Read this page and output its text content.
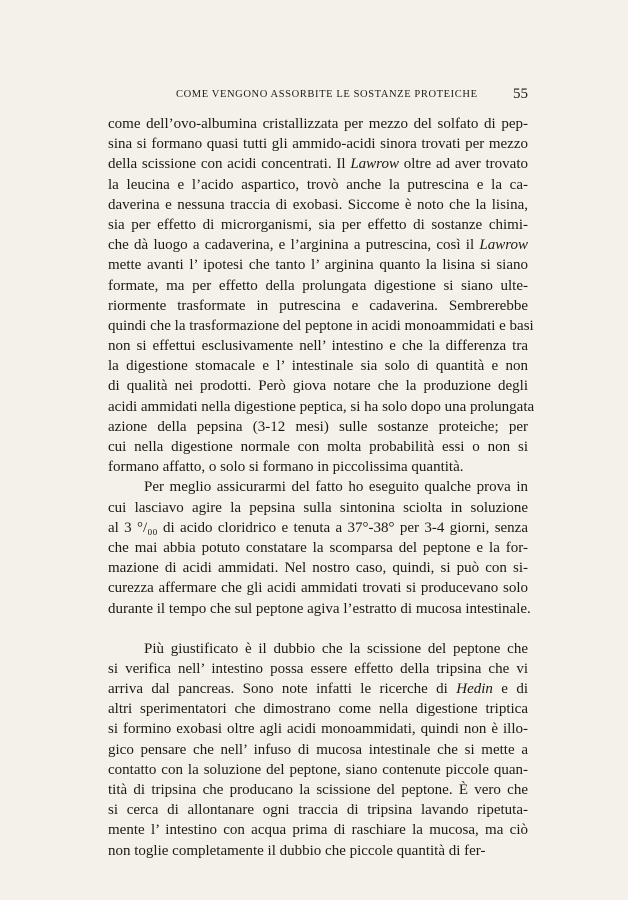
COME VENGONO ASSORBITE LE SOSTANZE PROTEICHE 55
come dell’ovo-albumina cristallizzata per mezzo del solfato di pep-
sina si formano quasi tutti gli ammido-acidi sinora trovati per mezzo
della scissione con acidi concentrati. Il Lawrow oltre ad aver trovato
la leucina e l’acido aspartico, trovò anche la putrescina e la ca-
daverina e nessuna traccia di exobasi. Siccome è noto che la lisina,
sia per effetto di microrganismi, sia per effetto di sostanze chimi-
che dà luogo a cadaverina, e l’arginina a putrescina, così il Lawrow
mette avanti l’ ipotesi che tanto l’ arginina quanto la lisina si siano
formate, ma per effetto della prolungata digestione si siano ulte-
riormente trasformate in putrescina e cadaverina. Sembrerebbe
quindi che la trasformazione del peptone in acidi monoammidati e basi
non si effettui esclusivamente nell’ intestino e che la differenza tra
la digestione stomacale e l’ intestinale sia solo di quantità e non
di qualità nei prodotti. Però giova notare che la produzione degli
acidi ammidati nella digestione peptica, si ha solo dopo una prolungata
azione della pepsina (3-12 mesi) sulle sostanze proteiche; per
cui nella digestione normale con molta probabilità essi o non si
formano affatto, o solo si formano in piccolissima quantità.
Per meglio assicurarmi del fatto ho eseguito qualche prova in
cui lasciavo agire la pepsina sulla sintonina sciolta in soluzione
al 3 °/₀₀ di acido cloridrico e tenuta a 37°-38° per 3-4 giorni, senza
che mai abbia potuto constatare la scomparsa del peptone e la for-
mazione di acidi ammidati. Nel nostro caso, quindi, si può con si-
curezza affermare che gli acidi ammidati trovati si producevano solo
durante il tempo che sul peptone agiva l’estratto di mucosa intestinale.
Più giustificato è il dubbio che la scissione del peptone che
si verifica nell’ intestino possa essere effetto della tripsina che vi
arriva dal pancreas. Sono note infatti le ricerche di Hedin e di
altri sperimentatori che dimostrano come nella digestione triptica
si formino exobasi oltre agli acidi monoammidati, quindi non è illo-
gico pensare che nell’ infuso di mucosa intestinale che si mette a
contatto con la soluzione del peptone, siano contenute piccole quan-
tità di tripsina che producano la scissione del peptone. È vero che
si cerca di allontanare ogni traccia di tripsina lavando ripetuta-
mente l’ intestino con acqua prima di raschiare la mucosa, ma ciò
non toglie completamente il dubbio che piccole quantità di fer-
